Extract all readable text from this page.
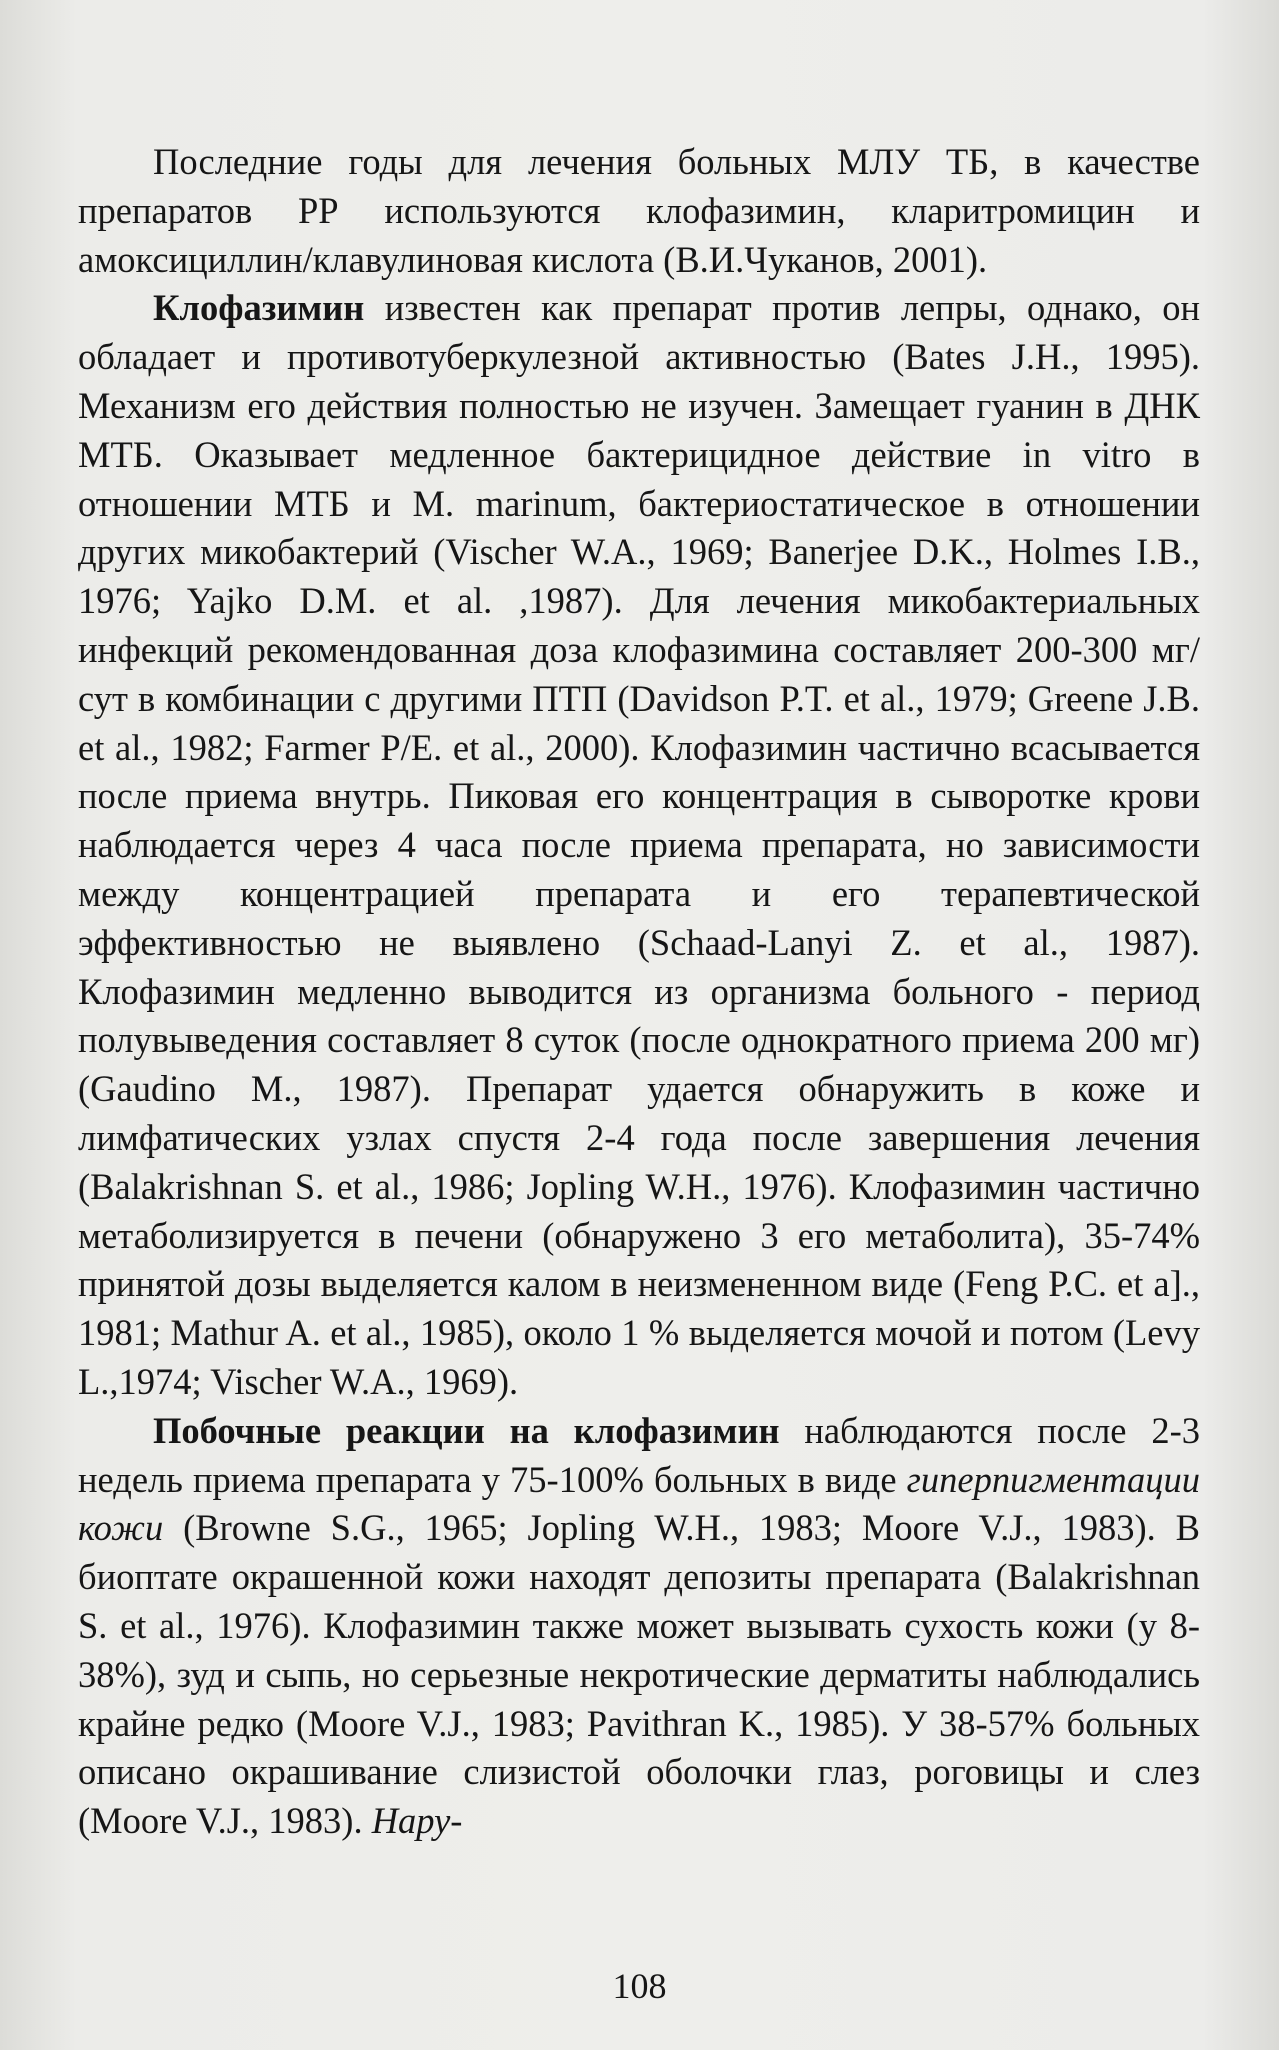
Последние годы для лечения больных МЛУ ТБ, в качестве препаратов РР используются клофазимин, кларитромицин и амоксициллин/клавулиновая кислота (В.И.Чуканов, 2001).

Клофазимин известен как препарат против лепры, однако, он обладает и противотуберкулезной активностью (Bates J.H., 1995). Механизм его действия полностью не изучен. Замещает гуанин в ДНК МТБ. Оказывает медленное бактерицидное действие in vitro в отношении МТБ и M. marinum, бактериостатическое в отношении других микобактерий (Vischer W.A., 1969; Banerjee D.K., Holmes I.B., 1976; Yajko D.M. et al. ,1987). Для лечения микобактериальных инфекций рекомендованная доза клофазимина составляет 200-300 мг/сут в комбинации с другими ПТП (Davidson P.T. et al., 1979; Greene J.B. et al., 1982; Farmer P/E. et al., 2000). Клофазимин частично всасывается после приема внутрь. Пиковая его концентрация в сыворотке крови наблюдается через 4 часа после приема препарата, но зависимости между концентрацией препарата и его терапевтической эффективностью не выявлено (Schaad-Lanyi Z. et al., 1987). Клофазимин медленно выводится из организма больного - период полувыведения составляет 8 суток (после однократного приема 200 мг) (Gaudino M., 1987). Препарат удается обнаружить в коже и лимфатических узлах спустя 2-4 года после завершения лечения (Balakrishnan S. et al., 1986; Jopling W.H., 1976). Клофазимин частично метаболизируется в печени (обнаружено 3 его метаболита), 35-74% принятой дозы выделяется калом в неизмененном виде (Feng P.C. et a]., 1981; Mathur A. et al., 1985), около 1 % выделяется мочой и потом (Levy L.,1974; Vischer W.A., 1969).

Побочные реакции на клофазимин наблюдаются после 2-3 недель приема препарата у 75-100% больных в виде гиперпигментации кожи (Browne S.G., 1965; Jopling W.H., 1983; Moore V.J., 1983). В биоптате окрашенной кожи находят депозиты препарата (Balakrishnan S. et al., 1976). Клофазимин также может вызывать сухость кожи (у 8-38%), зуд и сыпь, но серьезные некротические дерматиты наблюдались крайне редко (Moore V.J., 1983; Pavithran K., 1985). У 38-57% больных описано окрашивание слизистой оболочки глаз, роговицы и слез (Moore V.J., 1983). Нару-

108
